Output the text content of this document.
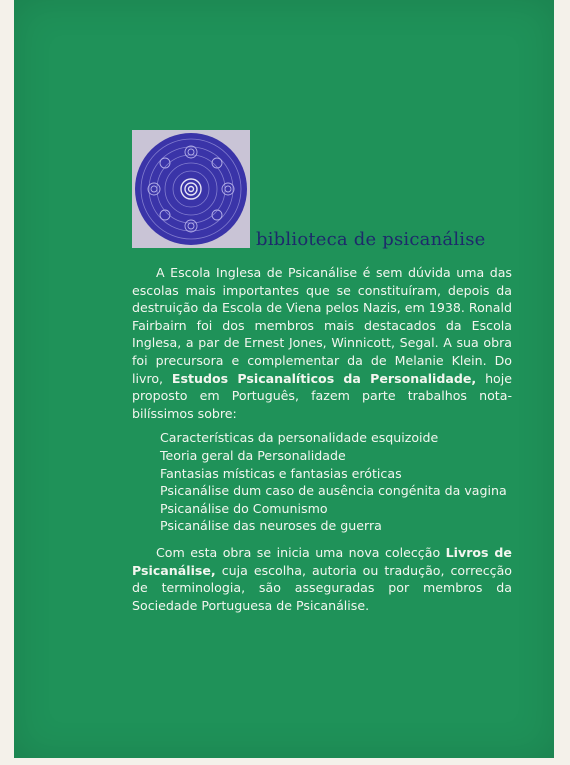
biblioteca de psicanálise

A Escola Inglesa de Psicanálise é sem dúvida uma das escolas mais importantes que se constituíram, depois da destruição da Escola de Viena pelos Nazis, em 1938. Ronald Fairbairn foi dos membros mais destacados da Escola Inglesa, a par de Ernest Jones, Winnicott, Segal. A sua obra foi precursora e complementar da de Melanie Klein. Do livro, Estudos Psicanalíticos da Personalidade, hoje proposto em Português, fazem parte trabalhos nota-bilíssimos sobre:

Características da personalidade esquizoide
Teoria geral da Personalidade
Fantasias místicas e fantasias eróticas
Psicanálise dum caso de ausência congénita da vagina
Psicanálise do Comunismo
Psicanálise das neuroses de guerra

Com esta obra se inicia uma nova colecção Livros de Psicanálise, cuja escolha, autoria ou tradução, correcção de terminologia, são asseguradas por membros da Sociedade Portuguesa de Psicanálise.
